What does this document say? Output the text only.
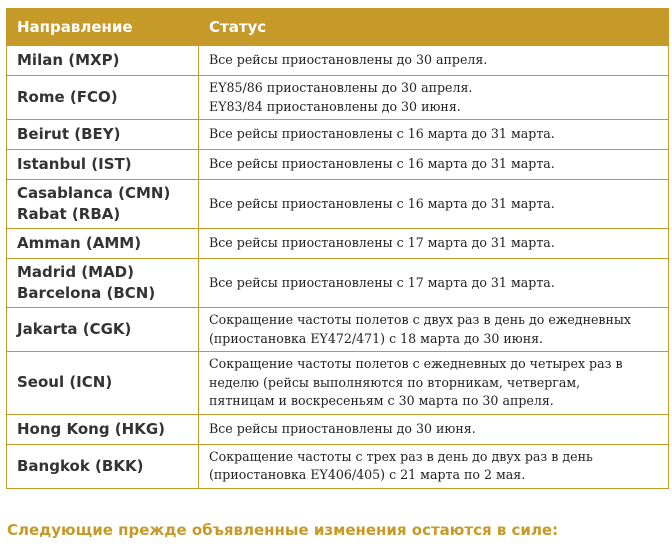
Направление	Статус

Milan (MXP)	Все рейсы приостановлены до 30 апреля.

Rome (FCO)	EY85/86 приостановлены до 30 апреля.
EY83/84 приостановлены до 30 июня.

Beirut (BEY)	Все рейсы приостановлены с 16 марта до 31 марта.

Istanbul (IST)	Все рейсы приостановлены с 16 марта до 31 марта.

Casablanca (CMN)
Rabat (RBA)	Все рейсы приостановлены с 16 марта до 31 марта.

Amman (AMM)	Все рейсы приостановлены с 17 марта до 31 марта.

Madrid (MAD)
Barcelona (BCN)	Все рейсы приостановлены с 17 марта до 31 марта.

Jakarta (CGK)	Сокращение частоты полетов с двух раз в день до ежедневных
(приостановка EY472/471) с 18 марта до 30 июня.

Seoul (ICN)	Сокращение частоты полетов с ежедневных до четырех раз в
неделю (рейсы выполняются по вторникам, четвергам,
пятницам и воскресеньям с 30 марта по 30 апреля.

Hong Kong (HKG)	Все рейсы приостановлены до 30 июня.

Bangkok (BKK)	Сокращение частоты с трех раз в день до двух раз в день
(приостановка EY406/405) с 21 марта по 2 мая.
Следующие прежде объявленные изменения остаются в силе:
